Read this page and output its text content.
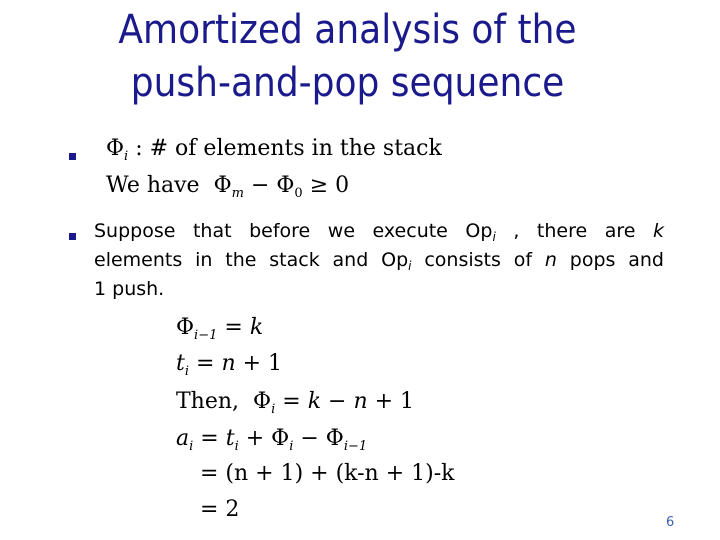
Amortized analysis of the
push-and-pop sequence
$\Phi_i$ : # of elements in the stack
We have $\Phi_m - \Phi_0 \ge 0$
Suppose that before we execute $Op_i$ , there are k
elements in the stack and $Op_i$ consists of n pops and
1 push.
$\Phi_{i-1} = k$
$t_i = n + 1$
Then, $\Phi_i = k - n + 1$
$a_i = t_i + \Phi_i - \Phi_{i-1}$
= (n + 1) + (k-n + 1)-k
= 2
6
